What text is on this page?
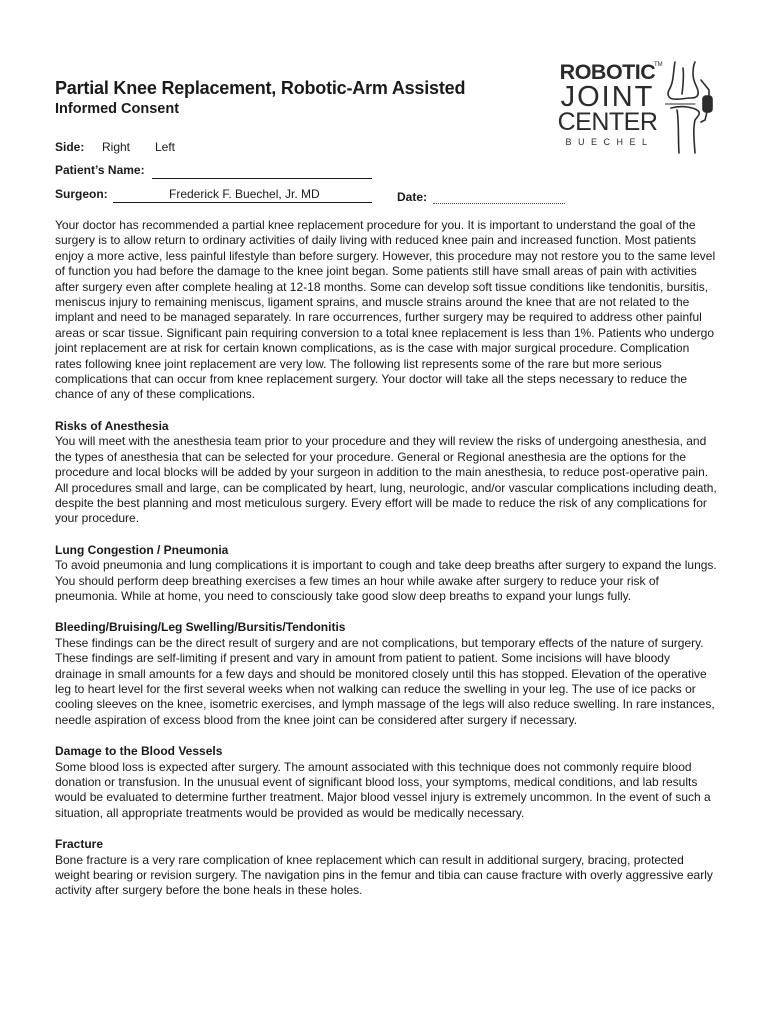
Partial Knee Replacement, Robotic-Arm Assisted
Informed Consent
ROBOTIC
TM
JOINT
CENTER
BUECHEL
Side: Right Left
Patient’s Name:
Surgeon:	Frederick F. Buechel, Jr. MD	Date:

Your doctor has recommended a partial knee replacement procedure for you. It is important to understand the goal of the surgery is to allow return to ordinary activities of daily living with reduced knee pain and increased function. Most patients enjoy a more active, less painful lifestyle than before surgery. However, this procedure may not restore you to the same level of function you had before the damage to the knee joint began. Some patients still have small areas of pain with activities after surgery even after complete healing at 12-18 months. Some can develop soft tissue conditions like tendonitis, bursitis, meniscus injury to remaining meniscus, ligament sprains, and muscle strains around the knee that are not related to the implant and need to be managed separately. In rare occurrences, further surgery may be required to address other painful areas or scar tissue. Significant pain requiring conversion to a total knee replacement is less than 1%. Patients who undergo joint replacement are at risk for certain known complications, as is the case with major surgical procedure. Complication rates following knee joint replacement are very low. The following list represents some of the rare but more serious complications that can occur from knee replacement surgery. Your doctor will take all the steps necessary to reduce the chance of any of these complications.

Risks of Anesthesia

You will meet with the anesthesia team prior to your procedure and they will review the risks of undergoing anesthesia, and the types of anesthesia that can be selected for your procedure. General or Regional anesthesia are the options for the procedure and local blocks will be added by your surgeon in addition to the main anesthesia, to reduce post-operative pain. All procedures small and large, can be complicated by heart, lung, neurologic, and/or vascular complications including death, despite the best planning and most meticulous surgery. Every effort will be made to reduce the risk of any complications for your procedure.

Lung Congestion / Pneumonia

To avoid pneumonia and lung complications it is important to cough and take deep breaths after surgery to expand the lungs. You should perform deep breathing exercises a few times an hour while awake after surgery to reduce your risk of pneumonia. While at home, you need to consciously take good slow deep breaths to expand your lungs fully.

Bleeding/Bruising/Leg Swelling/Bursitis/Tendonitis

These findings can be the direct result of surgery and are not complications, but temporary effects of the nature of surgery. These findings are self-limiting if present and vary in amount from patient to patient. Some incisions will have bloody drainage in small amounts for a few days and should be monitored closely until this has stopped. Elevation of the operative leg to heart level for the first several weeks when not walking can reduce the swelling in your leg. The use of ice packs or cooling sleeves on the knee, isometric exercises, and lymph massage of the legs will also reduce swelling. In rare instances, needle aspiration of excess blood from the knee joint can be considered after surgery if necessary.

Damage to the Blood Vessels

Some blood loss is expected after surgery. The amount associated with this technique does not commonly require blood donation or transfusion. In the unusual event of significant blood loss, your symptoms, medical conditions, and lab results would be evaluated to determine further treatment. Major blood vessel injury is extremely uncommon. In the event of such a situation, all appropriate treatments would be provided as would be medically necessary.

Fracture

Bone fracture is a very rare complication of knee replacement which can result in additional surgery, bracing, protected weight bearing or revision surgery. The navigation pins in the femur and tibia can cause fracture with overly aggressive early activity after surgery before the bone heals in these holes.
